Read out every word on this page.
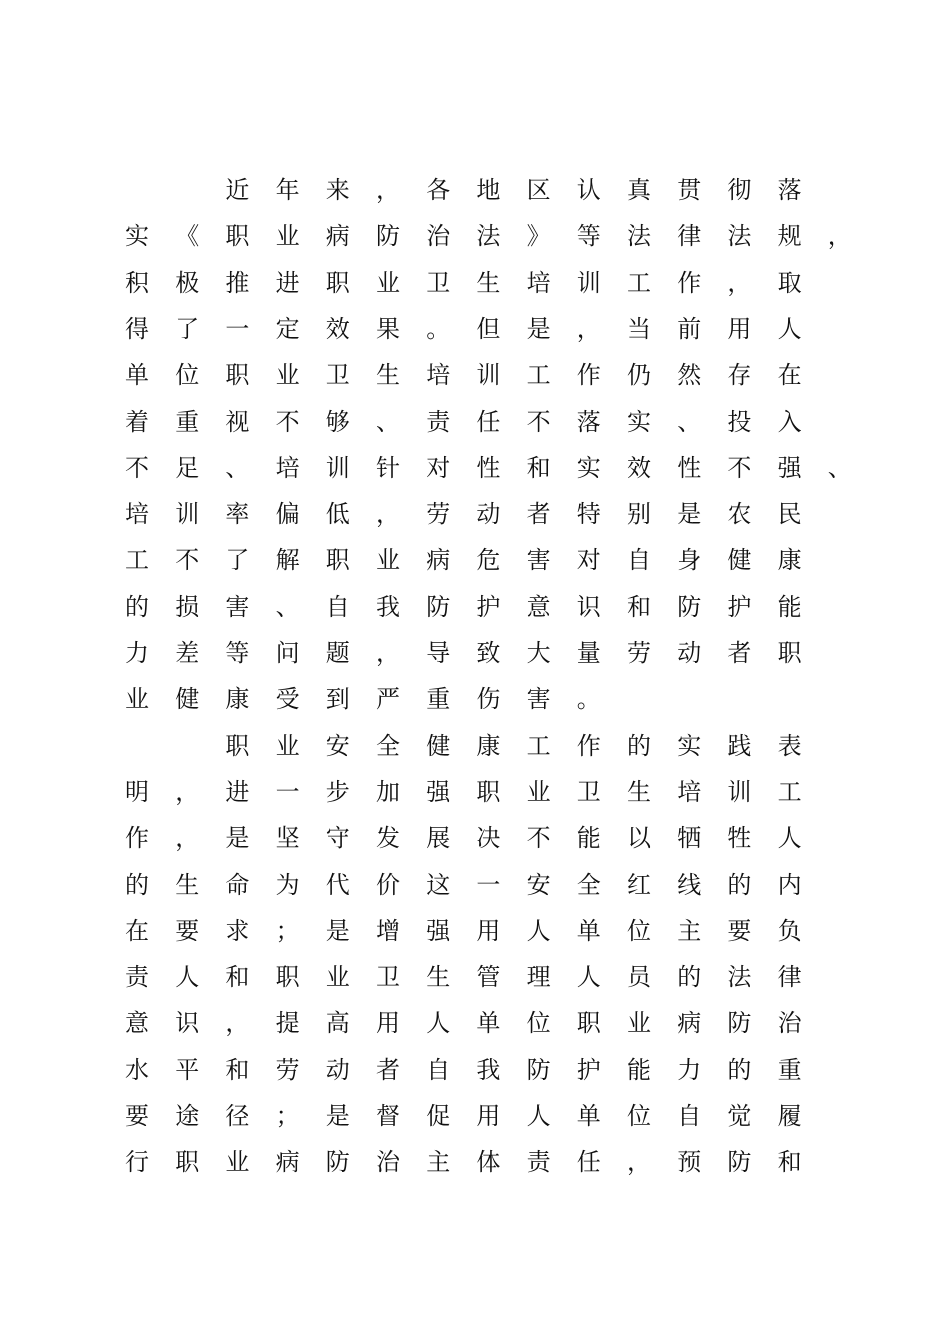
近 年 来 ， 各 地 区 认 真 贯 彻 落
实 《 职 业 病 防 治 法 》 等 法 律 法 规 ，
积 极 推 进 职 业 卫 生 培 训 工 作 ， 取
得 了 一 定 效 果 。 但 是 ， 当 前 用 人
单 位 职 业 卫 生 培 训 工 作 仍 然 存 在
着 重 视 不 够 、 责 任 不 落 实 、 投 入
不 足 、 培 训 针 对 性 和 实 效 性 不 强 、
培 训 率 偏 低 ， 劳 动 者 特 别 是 农 民
工 不 了 解 职 业 病 危 害 对 自 身 健 康
的 损 害 、 自 我 防 护 意 识 和 防 护 能
力 差 等 问 题 ， 导 致 大 量 劳 动 者 职
业 健 康 受 到 严 重 伤 害 。
职 业 安 全 健 康 工 作 的 实 践 表
明 ， 进 一 步 加 强 职 业 卫 生 培 训 工
作 ， 是 坚 守 发 展 决 不 能 以 牺 牲 人
的 生 命 为 代 价 这 一 安 全 红 线 的 内
在 要 求 ； 是 增 强 用 人 单 位 主 要 负
责 人 和 职 业 卫 生 管 理 人 员 的 法 律
意 识 ， 提 高 用 人 单 位 职 业 病 防 治
水 平 和 劳 动 者 自 我 防 护 能 力 的 重
要 途 径 ； 是 督 促 用 人 单 位 自 觉 履
行 职 业 病 防 治 主 体 责 任 ， 预 防 和
